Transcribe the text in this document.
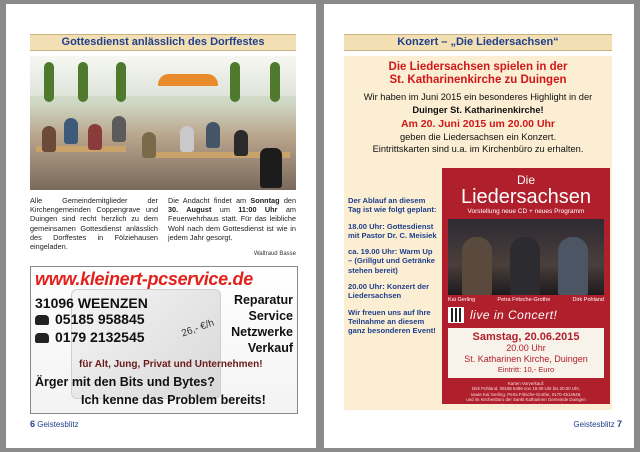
Gottesdienst anlässlich des Dorffestes
Alle Gemeindemitglieder der Kirchengemeinden Coppengrave und Duingen sind recht herzlich zu dem gemeinsamen Gottesdienst anlässlich des Dorffestes in Fölziehausen eingeladen.
Die Andacht findet am Sonntag den 30. August um 11:00 Uhr am Feuerwehrhaus statt. Für das leibliche Wohl nach dem Gottesdienst ist wie in jedem Jahr gesorgt.
Waltraud Basse
www.kleinert-pcservice.de
31096 WEENZEN
05185 958845
0179 2132545
Reparatur
Service
Netzwerke
Verkauf
26,- €/h
für Alt, Jung, Privat und Unternehmen!
Ärger mit den Bits und Bytes?
Ich kenne das Problem bereits!
6 Geistesblitz
Konzert – „Die Liedersachsen“
Die Liedersachsen spielen in der
St. Katharinenkirche zu Duingen
Wir haben im Juni 2015 ein besonderes Highlight in der
Duinger St. Katharinenkirche!
Am 20. Juni 2015 um 20.00 Uhr
geben die Liedersachsen ein Konzert.
Eintrittskarten sind u.a. im Kirchenbüro zu erhalten.

Der Ablauf an diesem Tag ist wie folgt geplant:

18.00 Uhr: Gottesdienst mit Pastor Dr. C. Meisiek

ca. 19.00 Uhr: Warm Up – (Grillgut und Getränke stehen bereit)

20.00 Uhr: Konzert der Liedersachsen

Wir freuen uns auf Ihre Teilnahme an diesem ganz besonderen Event!

Die
Liedersachsen
Vorstellung neue CD + neues Programm
Kai Gerling	Petra Fritsche-Grothe	Dirk Pohland
live in Concert!
Samstag, 20.06.2015
20.00 Uhr
St. Katharinen Kirche, Duingen
Eintritt: 10,- Euro
Karten Vorverkauf:
Dirk Pohland, 05185 6486 von 19.00 Uhr bis 20.00 Uhr,
sowie Kai Gerling, Petra Fritsche-Grothe, 0170-4514648,
und im Kirchenbüro der Sankt Katharinen Gemeinde Duingen
Mo. und Fr. von 10.00 Uhr bis 18.00 Uhr
Geistesblitz 7
